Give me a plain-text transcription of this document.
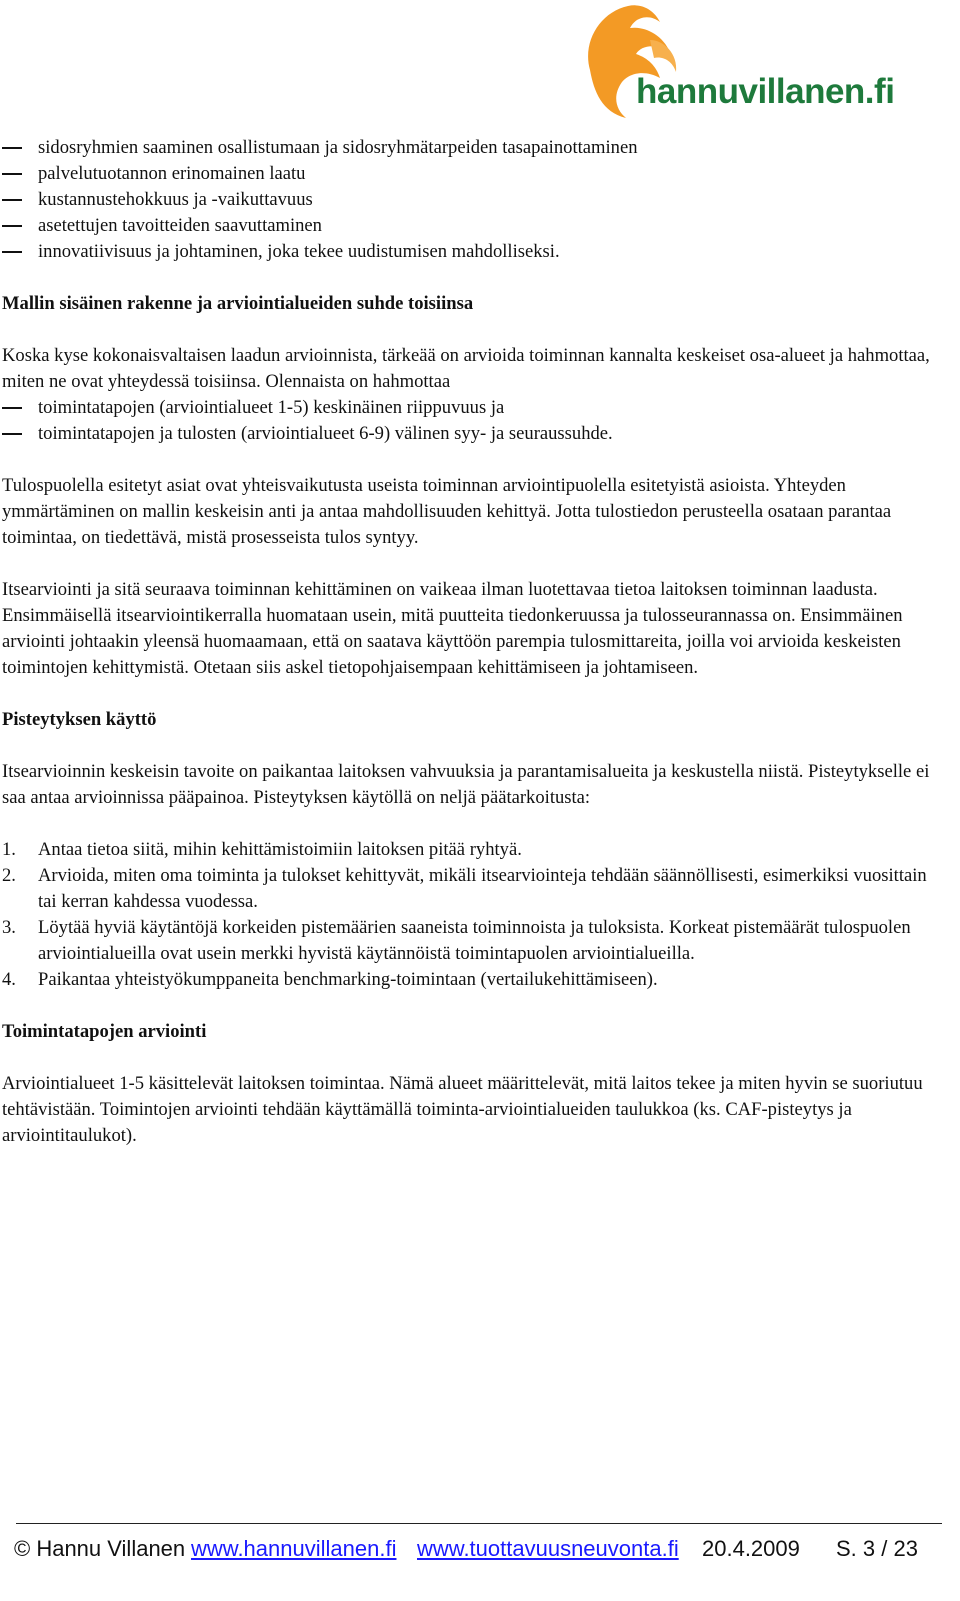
hannuvillanen.fi
sidosryhmien saaminen osallistumaan ja sidosryhmätarpeiden tasapainottaminen
palvelutuotannon erinomainen laatu
kustannustehokkuus ja -vaikuttavuus
asetettujen tavoitteiden saavuttaminen
innovatiivisuus ja johtaminen, joka tekee uudistumisen mahdolliseksi.
Mallin sisäinen rakenne ja arviointialueiden suhde toisiinsa

Koska kyse kokonaisvaltaisen laadun arvioinnista, tärkeää on arvioida toiminnan kannalta keskeiset osa-alueet ja hahmottaa, miten ne ovat yhteydessä toisiinsa. Olennaista on hahmottaa

toimintatapojen (arviointialueet 1-5) keskinäinen riippuvuus ja
toimintatapojen ja tulosten (arviointialueet 6-9) välinen syy- ja seuraussuhde.

Tulospuolella esitetyt asiat ovat yhteisvaikutusta useista toiminnan arviointipuolella esitetyistä asioista. Yhteyden ymmärtäminen on mallin keskeisin anti ja antaa mahdollisuuden kehittyä. Jotta tulostiedon perusteella osataan parantaa toimintaa, on tiedettävä, mistä prosesseista tulos syntyy.

Itsearviointi ja sitä seuraava toiminnan kehittäminen on vaikeaa ilman luotettavaa tietoa laitoksen toiminnan laadusta. Ensimmäisellä itsearviointikerralla huomataan usein, mitä puutteita tiedonkeruussa ja tulosseurannassa on. Ensimmäinen arviointi johtaakin yleensä huomaamaan, että on saatava käyttöön parempia tulosmittareita, joilla voi arvioida keskeisten toimintojen kehittymistä. Otetaan siis askel tietopohjaisempaan kehittämiseen ja johtamiseen.

Pisteytyksen käyttö

Itsearvioinnin keskeisin tavoite on paikantaa laitoksen vahvuuksia ja parantamisalueita ja keskustella niistä. Pisteytykselle ei saa antaa arvioinnissa pääpainoa. Pisteytyksen käytöllä on neljä päätarkoitusta:

1. Antaa tietoa siitä, mihin kehittämistoimiin laitoksen pitää ryhtyä.
2. Arvioida, miten oma toiminta ja tulokset kehittyvät, mikäli itsearviointeja tehdään säännöllisesti, esimerkiksi vuosittain tai kerran kahdessa vuodessa.
3. Löytää hyviä käytäntöjä korkeiden pistemäärien saaneista toiminnoista ja tuloksista. Korkeat pistemäärät tulospuolen arviointialueilla ovat usein merkki hyvistä käytännöistä toimintapuolen arviointialueilla.
4. Paikantaa yhteistyökumppaneita benchmarking-toimintaan (vertailukehittämiseen).
Toimintatapojen arviointi

Arviointialueet 1-5 käsittelevät laitoksen toimintaa. Nämä alueet määrittelevät, mitä laitos tekee ja miten hyvin se suoriutuu tehtävistään. Toimintojen arviointi tehdään käyttämällä toiminta-arviointialueiden taulukkoa (ks. CAF-pisteytys ja arviointitaulukot).

© Hannu Villanen www.hannuvillanen.fi www.tuottavuusneuvonta.fi 20.4.2009 S. 3 / 23
